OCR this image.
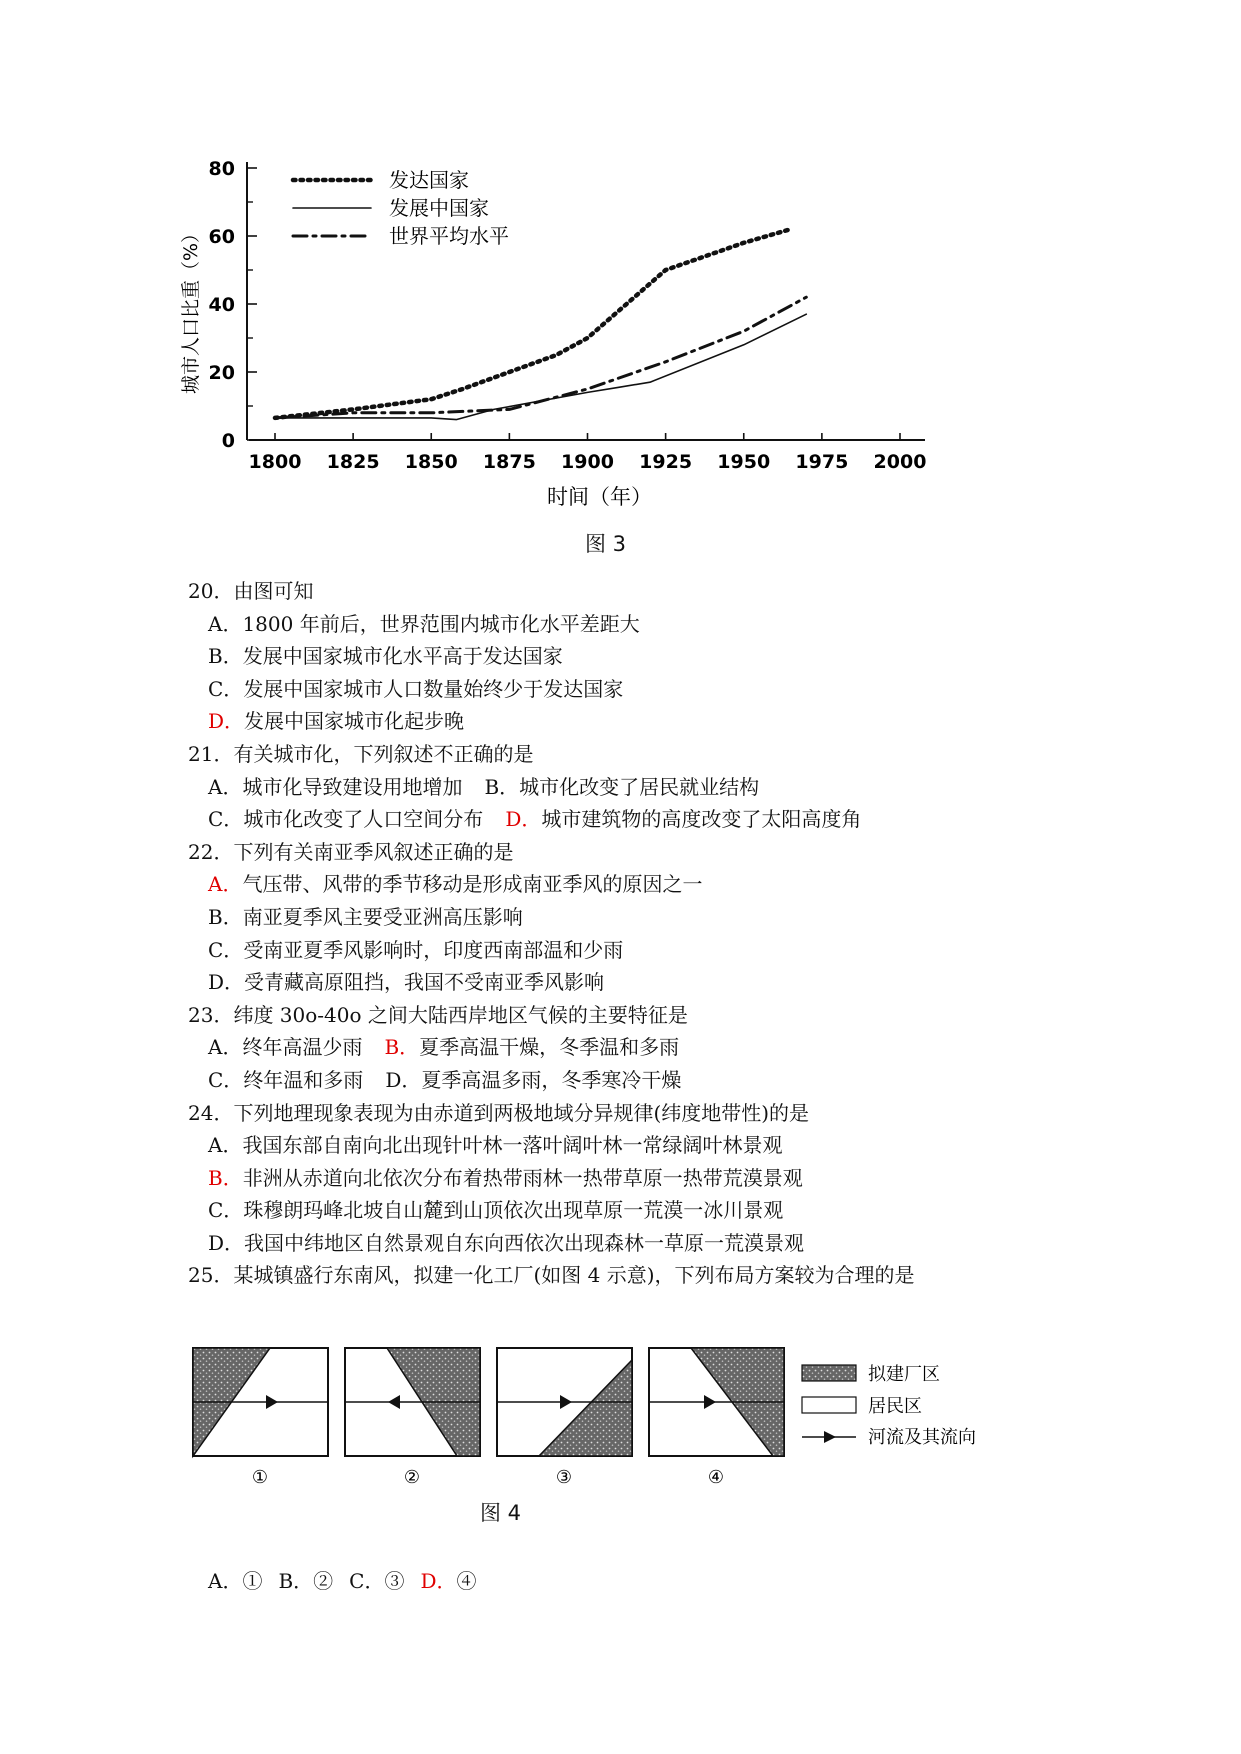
0
20
40
60
80
1800 1825 1850 1875 1900 1925 1950 1975 2000
时间（年）
城市人口比重（%）
发达国家
发展中国家
世界平均水平
图 3

20．由图可知

A．1800 年前后，世界范围内城市化水平差距大

B．发展中国家城市化水平高于发达国家

C．发展中国家城市人口数量始终少于发达国家

D．发展中国家城市化起步晚

21．有关城市化，下列叙述不正确的是

A．城市化导致建设用地增加 B．城市化改变了居民就业结构

C．城市化改变了人口空间分布 D．城市建筑物的高度改变了太阳高度角

22．下列有关南亚季风叙述正确的是

A．气压带、风带的季节移动是形成南亚季风的原因之一

B．南亚夏季风主要受亚洲高压影响

C．受南亚夏季风影响时，印度西南部温和少雨

D．受青藏高原阻挡，我国不受南亚季风影响

23．纬度 30o-40o 之间大陆西岸地区气候的主要特征是

A．终年高温少雨 B．夏季高温干燥，冬季温和多雨

C．终年温和多雨 D．夏季高温多雨，冬季寒冷干燥

24．下列地理现象表现为由赤道到两极地域分异规律(纬度地带性)的是

A．我国东部自南向北出现针叶林一落叶阔叶林一常绿阔叶林景观

B．非洲从赤道向北依次分布着热带雨林一热带草原一热带荒漠景观

C．珠穆朗玛峰北坡自山麓到山顶依次出现草原一荒漠一冰川景观

D．我国中纬地区自然景观自东向西依次出现森林一草原一荒漠景观

25．某城镇盛行东南风，拟建一化工厂(如图 4 示意)，下列布局方案较为合理的是

①	②	③	④
拟建厂区
居民区
河流及其流向
图 4
A．① B．② C．③ D．④
